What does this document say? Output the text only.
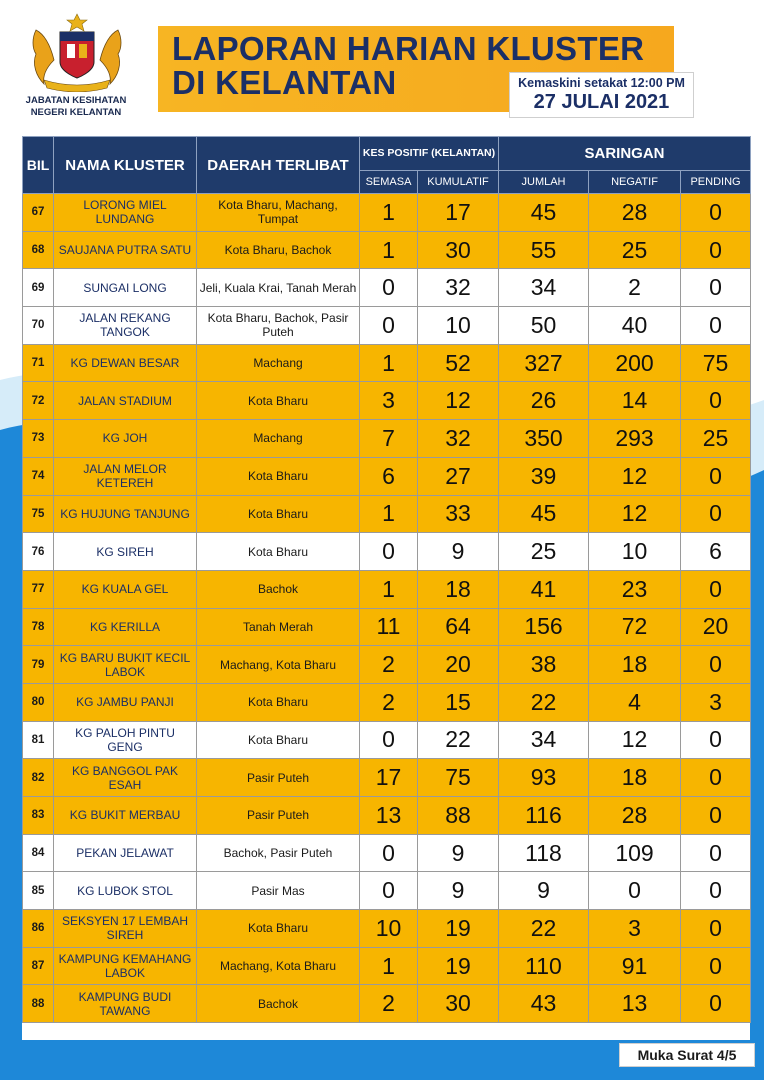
JABATAN KESIHATAN NEGERI KELANTAN
LAPORAN HARIAN KLUSTER
DI KELANTAN	Kemaskini setakat 12:00 PM
27 JULAI 2021
BIL	NAMA KLUSTER	DAERAH TERLIBAT	KES POSITIF (KELANTAN)		SARINGAN		
			SEMASA	KUMULATIF	JUMLAH	NEGATIF	PENDING
67	LORONG MIEL LUNDANG	Kota Bharu, Machang, Tumpat	1	17	45	28	0
68	SAUJANA PUTRA SATU	Kota Bharu, Bachok	1	30	55	25	0
69	SUNGAI LONG	Jeli, Kuala Krai, Tanah Merah	0	32	34	2	0
70	JALAN REKANG TANGOK	Kota Bharu, Bachok, Pasir Puteh	0	10	50	40	0
71	KG DEWAN BESAR	Machang	1	52	327	200	75
72	JALAN STADIUM	Kota Bharu	3	12	26	14	0
73	KG JOH	Machang	7	32	350	293	25
74	JALAN MELOR KETEREH	Kota Bharu	6	27	39	12	0
75	KG HUJUNG TANJUNG	Kota Bharu	1	33	45	12	0
76	KG SIREH	Kota Bharu	0	9	25	10	6
77	KG KUALA GEL	Bachok	1	18	41	23	0
78	KG KERILLA	Tanah Merah	11	64	156	72	20
79	KG BARU BUKIT KECIL LABOK	Machang, Kota Bharu	2	20	38	18	0
80	KG JAMBU PANJI	Kota Bharu	2	15	22	4	3
81	KG PALOH PINTU GENG	Kota Bharu	0	22	34	12	0
82	KG BANGGOL PAK ESAH	Pasir Puteh	17	75	93	18	0
83	KG BUKIT MERBAU	Pasir Puteh	13	88	116	28	0
84	PEKAN JELAWAT	Bachok, Pasir Puteh	0	9	118	109	0
85	KG LUBOK STOL	Pasir Mas	0	9	9	0	0
86	SEKSYEN 17 LEMBAH SIREH	Kota Bharu	10	19	22	3	0
87	KAMPUNG KEMAHANG LABOK	Machang, Kota Bharu	1	19	110	91	0
88	KAMPUNG BUDI TAWANG	Bachok	2	30	43	13	0
Muka Surat 4/5
